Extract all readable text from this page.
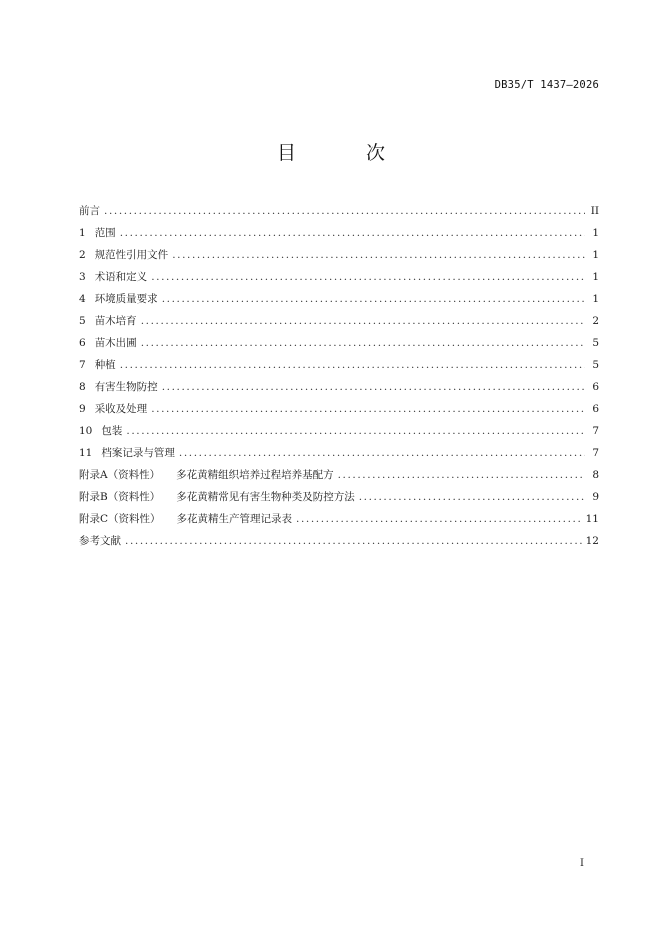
DB35/T 1437—2026
目 次
前言 .....	II
1 范围 .....	1
2 规范性引用文件 .....	1
3 术语和定义 .....	1
4 环境质量要求 .....	1
5 苗木培育 .....	2
6 苗木出圃 .....	5
7 种植 .....	5
8 有害生物防控 .....	6
9 采收及处理 .....	6
10 包装 .....	7
11 档案记录与管理 .....	7
附录A（资料性） 多花黄精组织培养过程培养基配方 .....	8
附录B（资料性） 多花黄精常见有害生物种类及防控方法 .....	9
附录C（资料性） 多花黄精生产管理记录表 .....	11
参考文献 .....	12
I
